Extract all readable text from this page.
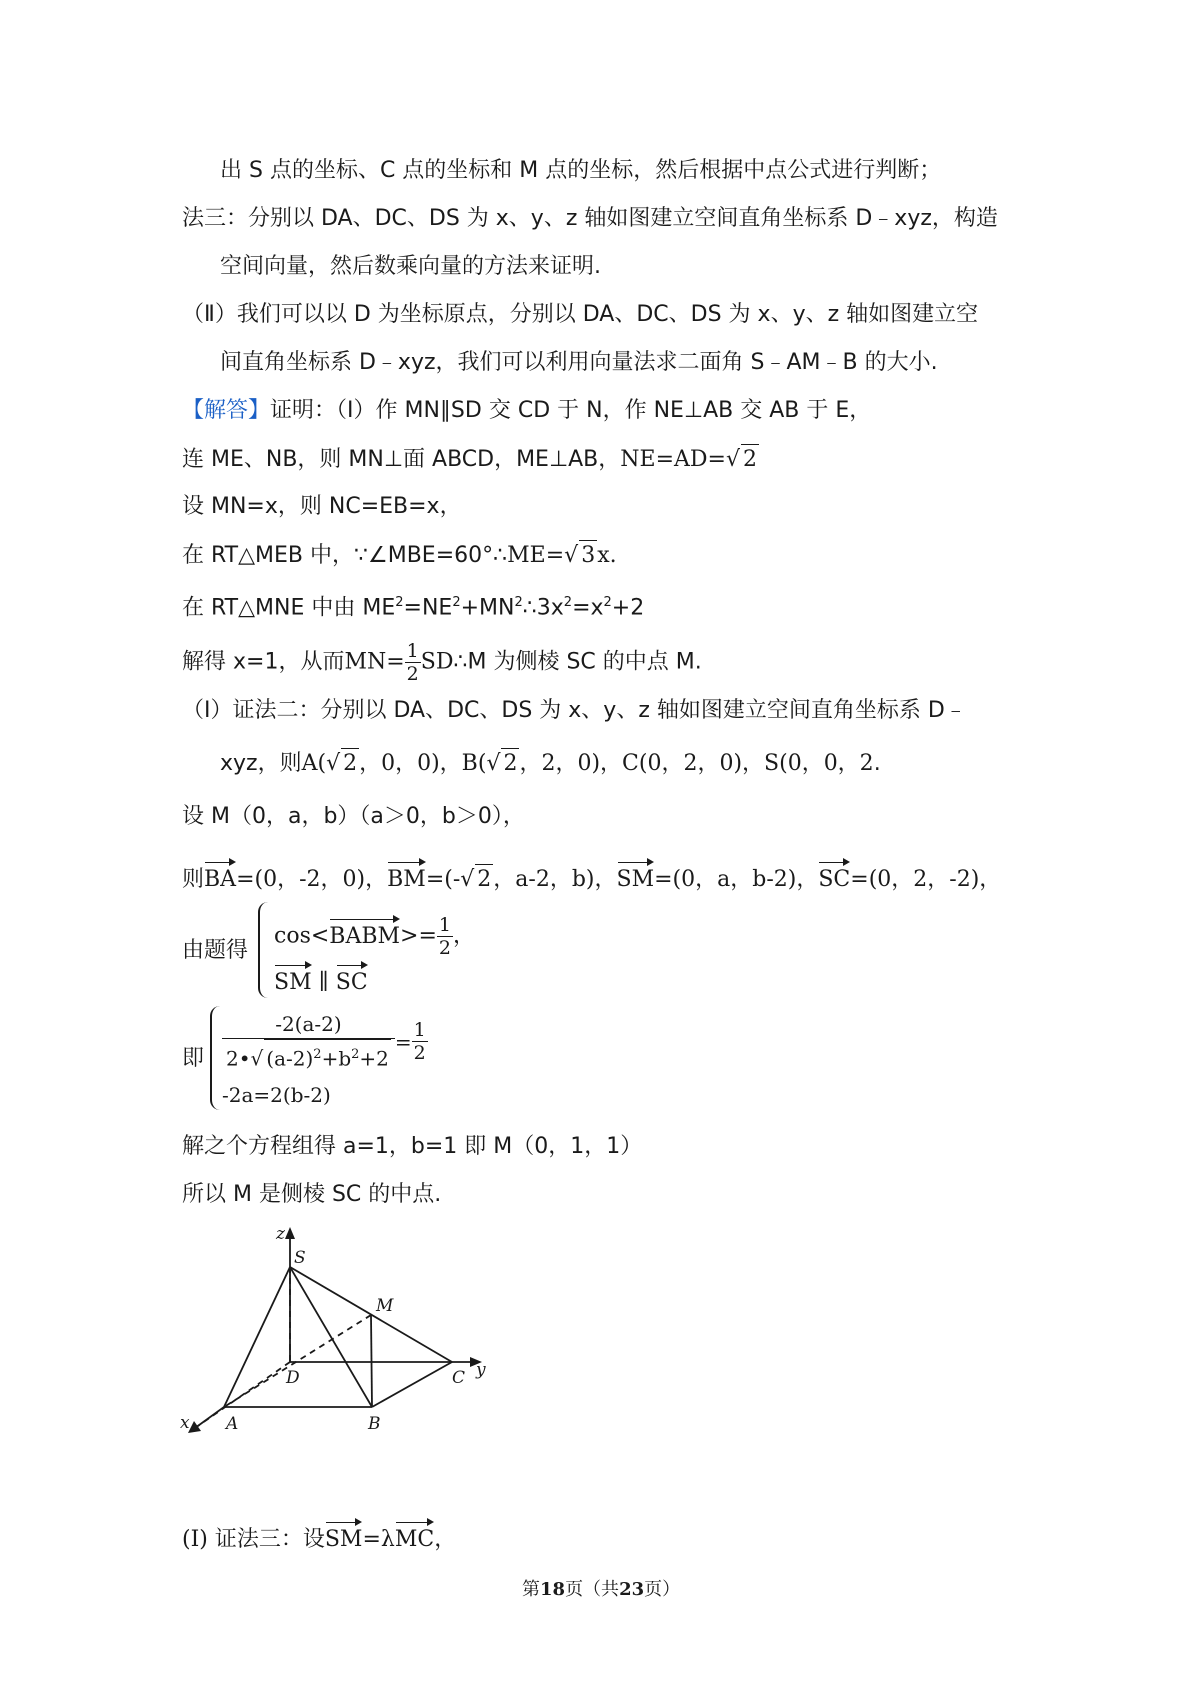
出 S 点的坐标、C 点的坐标和 M 点的坐标，然后根据中点公式进行判断；
法三：分别以 DA、DC、DS 为 x、y、z 轴如图建立空间直角坐标系 D﹣xyz，构造
空间向量，然后数乘向量的方法来证明.
（Ⅱ）我们可以以 D 为坐标原点，分别以 DA、DC、DS 为 x、y、z 轴如图建立空
间直角坐标系 D﹣xyz，我们可以利用向量法求二面角 S﹣AM﹣B 的大小.
【解答】证明：（Ⅰ）作 MN∥SD 交 CD 于 N，作 NE⊥AB 交 AB 于 E，
连 ME、NB，则 MN⊥面 ABCD，ME⊥AB，NE=AD=√ 2
设 MN=x，则 NC=EB=x，
在 RT△MEB 中，∵∠MBE=60°∴ME=√ 3x.
在 RT△MNE 中由 $ME^2=NE^2+MN^2\therefore 3x^2=x^2+2$
解得 x=1，从而$MN= \frac{1}{2}$ SD∴M 为侧棱 SC 的中点 M.
（Ⅰ）证法二：分别以 DA、DC、DS 为 x、y、z 轴如图建立空间直角坐标系 D﹣
xyz，则A(√ 2，0，0)，B(√ 2，2，0)，C(0，2，0)，S(0，0，2.
设 M（0，a，b）（a＞0，b＞0），
则BA=(0，-2，0)，BM=(-√ 2，a-2，b)，SM=(0，a，b-2)，SC=(0，2，-2)，
由题得
cos<BABM>= $\frac{1}{2}$ ，
SM ∥ SC
即 $\frac{-2(a-2)}{2•√ (a-2)^2+b^2+2} = \frac{1}{2}$
-2a=2(b-2)
解之个方程组得 a=1，b=1 即 M（0，1，1）
所以 M 是侧棱 SC 的中点.
z
S
M
y
D	C
x A	B
(Ⅰ) 证法三：设SM=λMC，
第18页（共23页）
